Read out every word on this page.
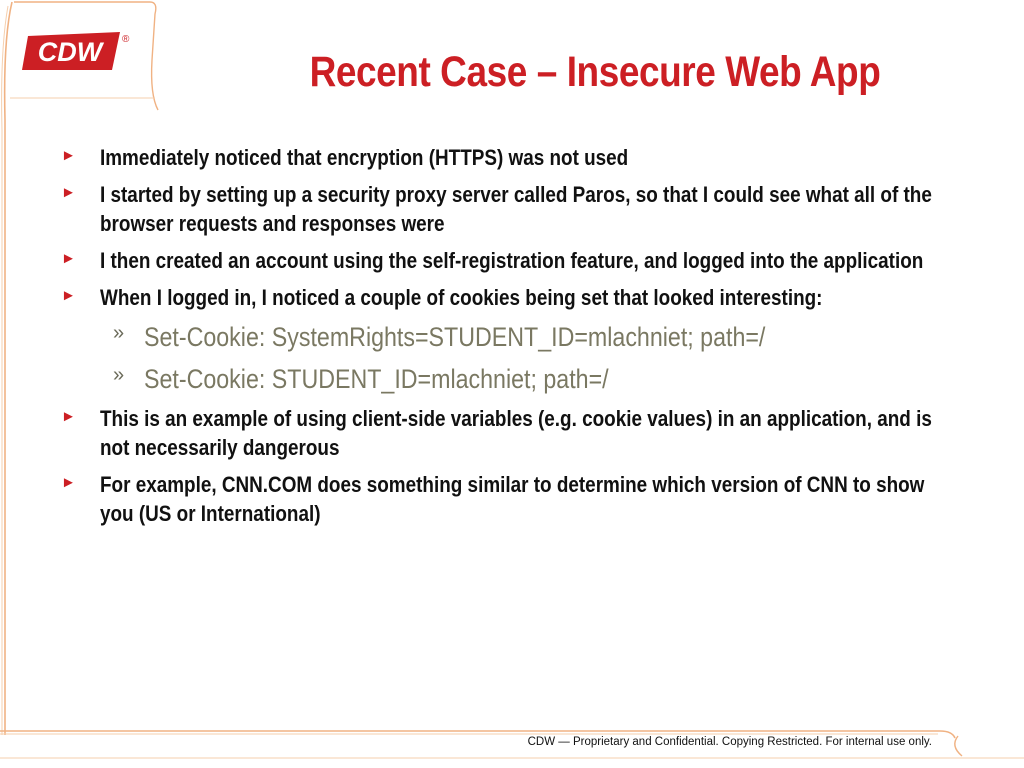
CDW ®
Recent Case – Insecure Web App
► Immediately noticed that encryption (HTTPS) was not used
► I started by setting up a security proxy server called Paros, so that I could see what all of the browser requests and responses were
► I then created an account using the self-registration feature, and logged into the application
► When I logged in, I noticed a couple of cookies being set that looked interesting:
» Set-Cookie: SystemRights=STUDENT_ID=mlachniet; path=/
» Set-Cookie: STUDENT_ID=mlachniet; path=/
► This is an example of using client-side variables (e.g. cookie values) in an application, and is not necessarily dangerous
► For example, CNN.COM does something similar to determine which version of CNN to show you (US or International)
CDW — Proprietary and Confidential. Copying Restricted. For internal use only.
